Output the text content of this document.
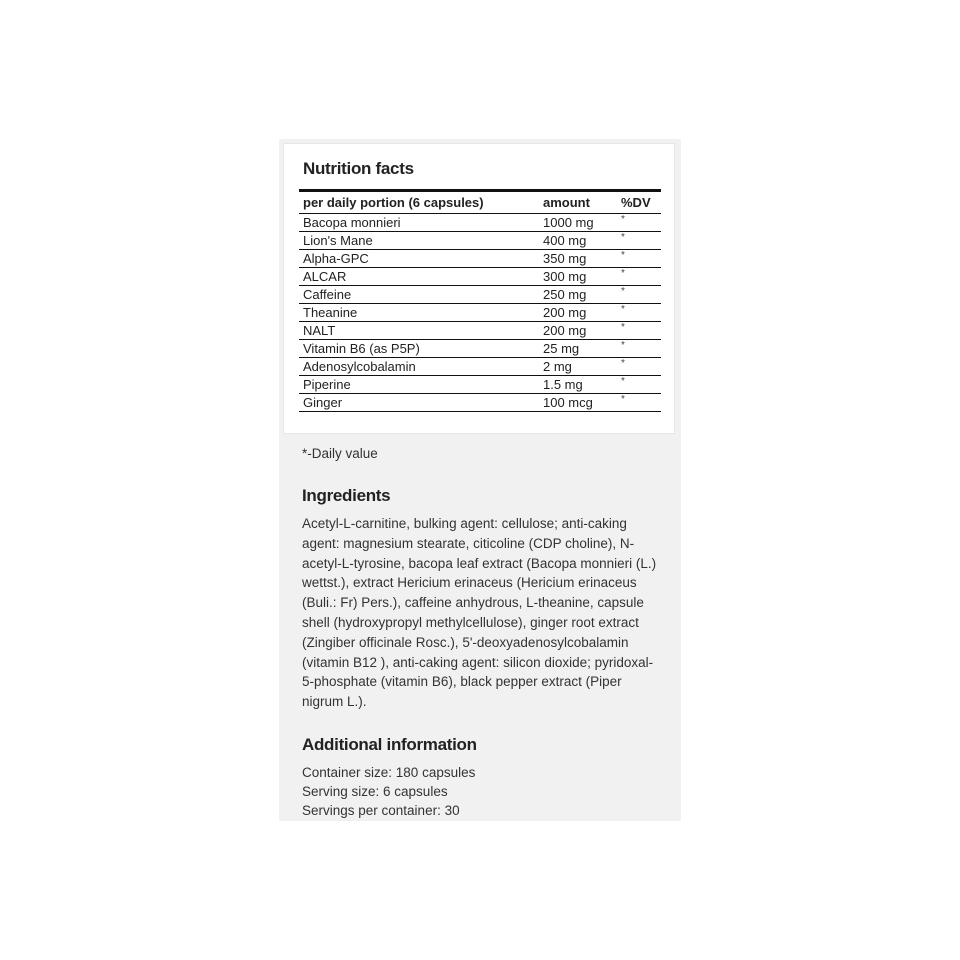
Nutrition facts
per daily portion (6 capsules)	amount	%DV
Bacopa monnieri	1000 mg	*
Lion's Mane	400 mg	*
Alpha-GPC	350 mg	*
ALCAR	300 mg	*
Caffeine	250 mg	*
Theanine	200 mg	*
NALT	200 mg	*
Vitamin B6 (as P5P)	25 mg	*
Adenosylcobalamin	2 mg	*
Piperine	1.5 mg	*
Ginger	100 mcg	*
*-Daily value
Ingredients

Acetyl-L-carnitine, bulking agent: cellulose; anti-caking agent: magnesium stearate, citicoline (CDP choline), N-acetyl-L-tyrosine, bacopa leaf extract (Bacopa monnieri (L.) wettst.), extract Hericium erinaceus (Hericium erinaceus (Buli.: Fr) Pers.), caffeine anhydrous, L-theanine, capsule shell (hydroxypropyl methylcellulose), ginger root extract (Zingiber officinale Rosc.), 5'-deoxyadenosylcobalamin (vitamin B12 ), anti-caking agent: silicon dioxide; pyridoxal-5-phosphate (vitamin B6), black pepper extract (Piper nigrum L.).

Additional information
Container size: 180 capsules
Serving size: 6 capsules
Servings per container: 30
